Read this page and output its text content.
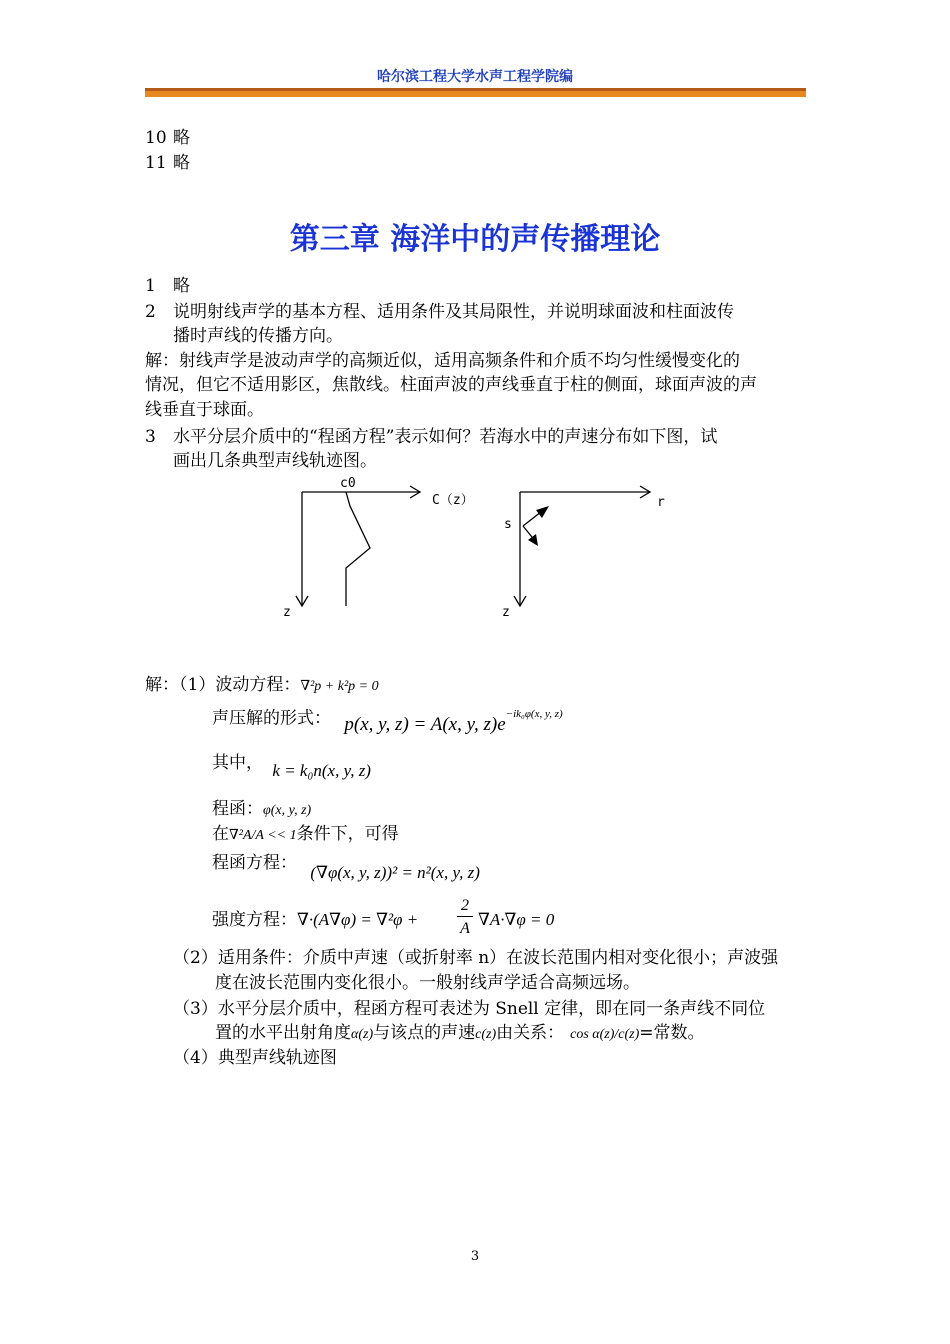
哈尔滨工程大学水声工程学院编
10 略
11 略
第三章 海洋中的声传播理论
1 略
2 说明射线声学的基本方程、适用条件及其局限性，并说明球面波和柱面波传
播时声线的传播方向。
解：射线声学是波动声学的高频近似，适用高频条件和介质不均匀性缓慢变化的
情况，但它不适用影区，焦散线。柱面声波的声线垂直于柱的侧面，球面声波的声
线垂直于球面。
3 水平分层介质中的“程函方程”表示如何？若海水中的声速分布如下图，试
画出几条典型声线轨迹图。
c0
C（z）
z
s
r
z
解：（1）波动方程：∇²p + k²p = 0
声压解的形式： p(x, y, z) = A(x, y, $z)e^{-ik_0\varphi(x, y, z)}$
其中， k = k₀n(x, y, z)
程函：φ(x, y, z)
在∇²A/A << 1条件下，可得
程函方程： (∇φ(x, y, z))² = n²(x, y, z)
强度方程：∇·(A∇φ) = ∇²φ +
2
A ∇A·∇φ = 0
（2）适用条件：介质中声速（或折射率 n）在波长范围内相对变化很小；声波强
度在波长范围内变化很小。一般射线声学适合高频远场。
（3）水平分层介质中，程函方程可表述为 Snell 定律，即在同一条声线不同位
置的水平出射角度α(z)与该点的声速c(z)由关系： cos α(z)/c(z)=常数。
（4）典型声线轨迹图
3
